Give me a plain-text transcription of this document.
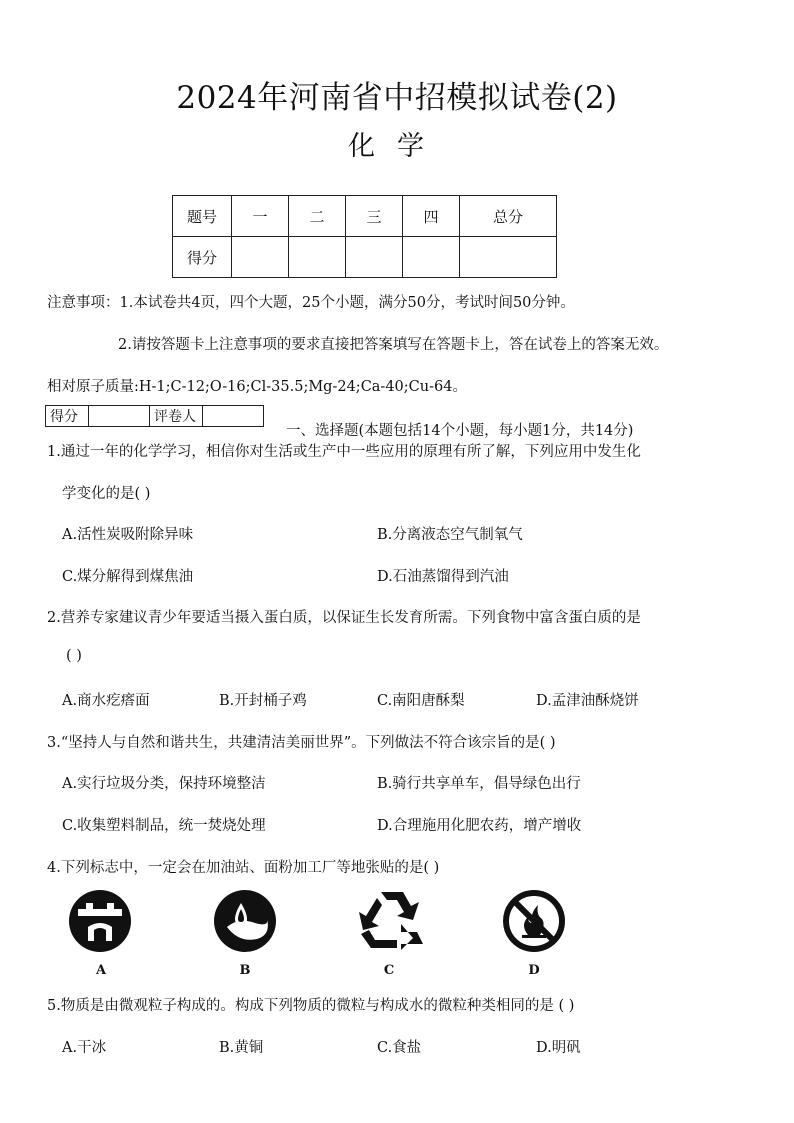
2024年河南省中招模拟试卷(2)
化学
题号	一	二	三	四	总分
得分					
注意事项：1.本试卷共4页，四个大题，25个小题，满分50分，考试时间50分钟。
2.请按答题卡上注意事项的要求直接把答案填写在答题卡上，答在试卷上的答案无效。
相对原子质量:H-1;C-12;O-16;Cl-35.5;Mg-24;Ca-40;Cu-64。
得分		评卷人	
一、选择题(本题包括14个小题，每小题1分，共14分)
1.通过一年的化学学习，相信你对生活或生产中一些应用的原理有所了解，下列应用中发生化
学变化的是( )
A.活性炭吸附除异味	B.分离液态空气制氧气
C.煤分解得到煤焦油	D.石油蒸馏得到汽油
2.营养专家建议青少年要适当摄入蛋白质，以保证生长发育所需。下列食物中富含蛋白质的是
( )
A.商水疙瘩面	B.开封桶子鸡	C.南阳唐酥梨	D.孟津油酥烧饼
3.“坚持人与自然和谐共生，共建清洁美丽世界”。下列做法不符合该宗旨的是( )
A.实行垃圾分类，保持环境整洁	B.骑行共享单车，倡导绿色出行
C.收集塑料制品，统一焚烧处理	D.合理施用化肥农药，增产增收
4.下列标志中，一定会在加油站、面粉加工厂等地张贴的是( )
A	B	C	D
5.物质是由微观粒子构成的。构成下列物质的微粒与构成水的微粒种类相同的是 ( )
A.干冰	B.黄铜	C.食盐	D.明矾
